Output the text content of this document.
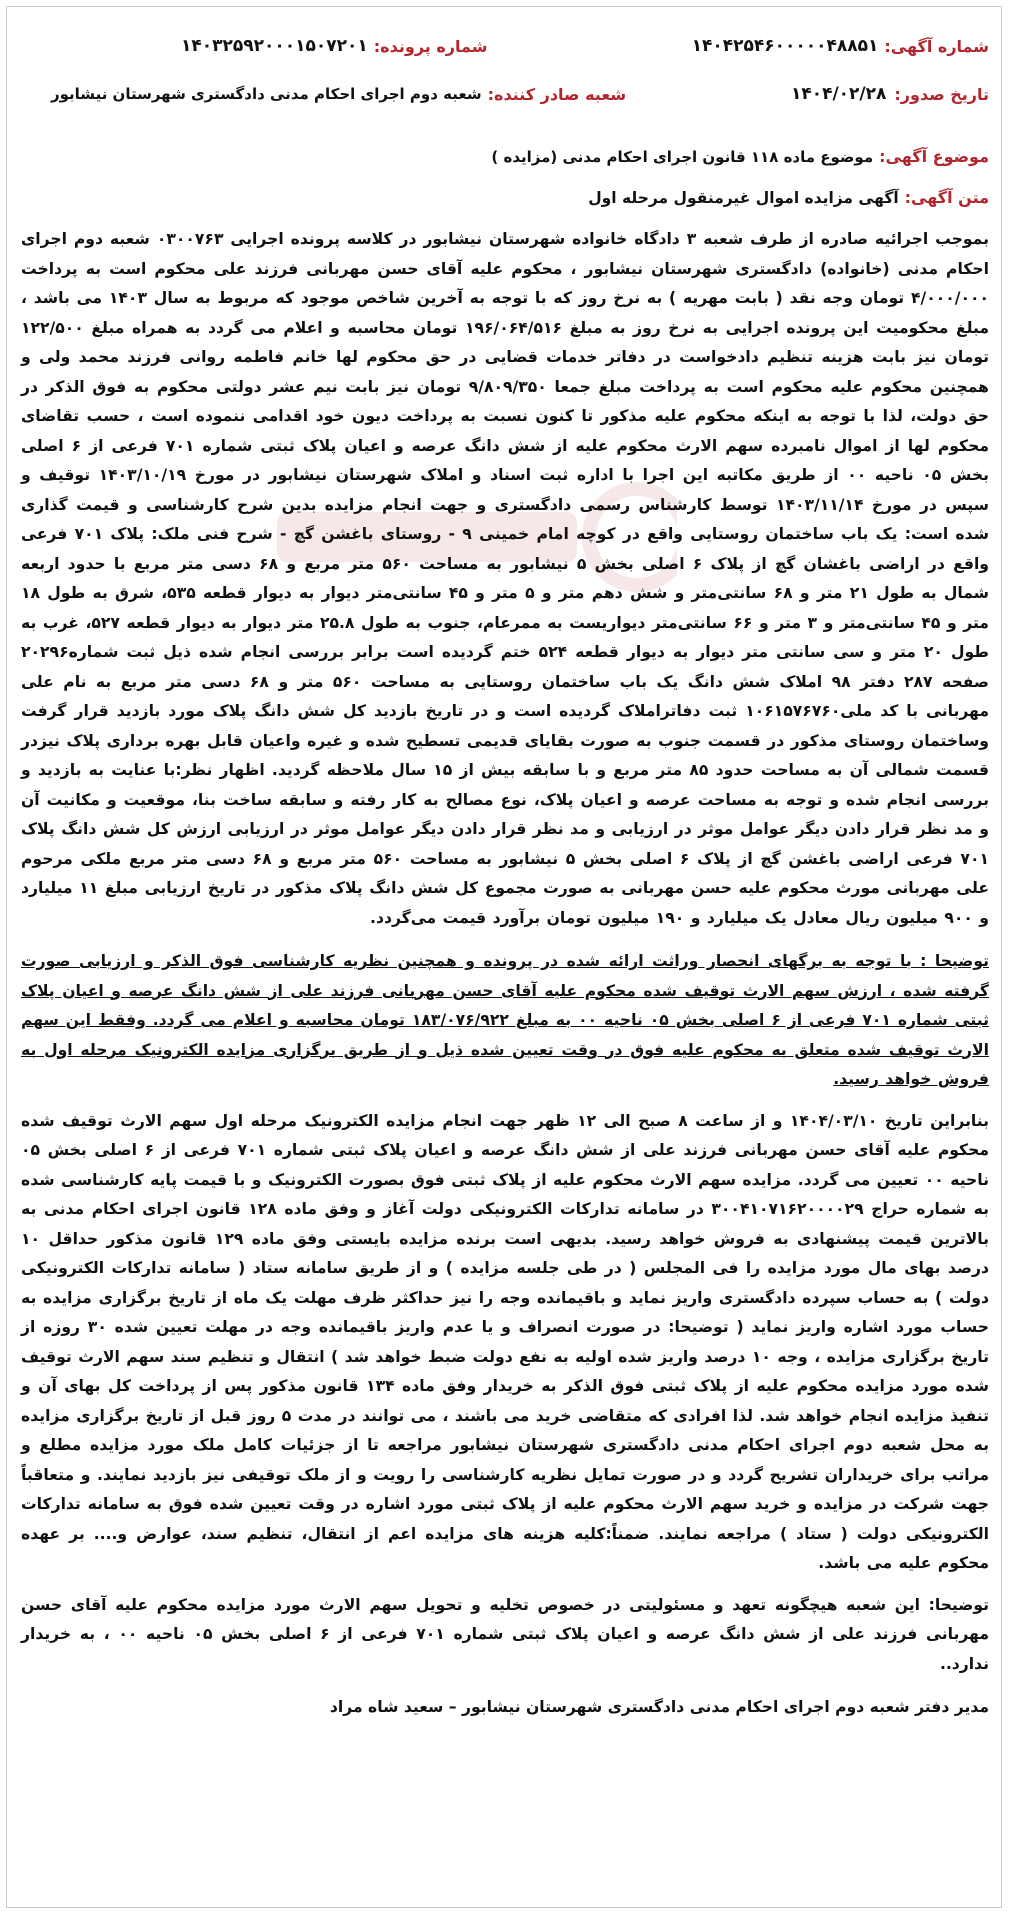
شماره آگهی:
۱۴۰۴۲۵۴۶۰۰۰۰۰۴۸۸۵۱
شماره پرونده:
۱۴۰۳۲۵۹۲۰۰۰۱۵۰۷۲۰۱
تاریخ صدور:
۱۴۰۴/۰۲/۲۸
شعبه صادر کننده:
شعبه دوم اجرای احکام مدنی دادگستری شهرستان نیشابور
موضوع آگهی:
موضوع ماده ۱۱۸ قانون اجرای احکام مدنی (مزایده )
متن آگهی:
آگهی مزایده اموال غیرمنقول مرحله اول

بموجب اجرائیه صادره از طرف شعبه ۳ دادگاه خانواده شهرستان نیشابور در کلاسه پرونده اجرایی ۰۳۰۰۷۶۳ شعبه دوم اجرای احکام مدنی (خانواده) دادگستری شهرستان نیشابور ، محکوم علیه آقای حسن مهربانی فرزند علی محکوم است به پرداخت ۴/۰۰۰/۰۰۰ تومان وجه نقد ( بابت مهریه ) به نرخ روز که با توجه به آخرین شاخص موجود که مربوط به سال ۱۴۰۳ می باشد ، مبلغ محکومیت این پرونده اجرایی به نرخ روز به مبلغ ۱۹۶/۰۶۴/۵۱۶ تومان محاسبه و اعلام می گردد به همراه مبلغ ۱۲۲/۵۰۰ تومان نیز بابت هزینه تنظیم دادخواست در دفاتر خدمات قضایی در حق محکوم لها خانم فاطمه روانی فرزند محمد ولی و همچنین محکوم علیه محکوم است به پرداخت مبلغ جمعا ۹/۸۰۹/۳۵۰ تومان نیز بابت نیم عشر دولتی محکوم به فوق الذکر در حق دولت، لذا با توجه به اینکه محکوم علیه مذکور تا کنون نسبت به پرداخت دیون خود اقدامی ننموده است ، حسب تقاضای محکوم لها از اموال نامبرده سهم الارث محکوم علیه از شش دانگ عرصه و اعیان پلاک ثبتی شماره ۷۰۱ فرعی از ۶ اصلی بخش ۰۵ ناحیه ۰۰ از طریق مکاتبه این اجرا با اداره ثبت اسناد و املاک شهرستان نیشابور در مورخ ۱۴۰۳/۱۰/۱۹ توقیف و سپس در مورخ ۱۴۰۳/۱۱/۱۴ توسط کارشناس رسمی دادگستری و جهت انجام مزایده بدین شرح کارشناسی و قیمت گذاری شده است: یک باب ساختمان روستایی واقع در کوچه امام خمینی ۹ - روستای باغشن گچ - شرح فنی ملک: پلاک ۷۰۱ فرعی واقع در اراضی باغشان گچ از پلاک ۶ اصلی بخش ۵ نیشابور به مساحت ۵۶۰ متر مربع و ۶۸ دسی متر مربع با حدود اربعه شمال به طول ۲۱ متر و ۶۸ سانتی‌متر و شش دهم متر و ۵ متر و ۴۵ سانتی‌متر دیوار به دیوار قطعه ۵۳۵، شرق به طول ۱۸ متر و ۴۵ سانتی‌متر و ۳ متر و ۶۶ سانتی‌متر دیواریست به ممرعام، جنوب به طول ۲۵.۸ متر دیوار به دیوار قطعه ۵۲۷، غرب به طول ۲۰ متر و سی سانتی متر دیوار به دیوار قطعه ۵۲۴ ختم گردیده است برابر بررسی انجام شده ذیل ثبت شماره۲۰۲۹۶ صفحه ۲۸۷ دفتر ۹۸ املاک شش دانگ یک باب ساختمان روستایی به مساحت ۵۶۰ متر و ۶۸ دسی متر مربع به نام علی مهربانی با کد ملی۱۰۶۱۵۷۶۷۶۰ ثبت دفاتراملاک گردیده است و در تاریخ بازدید کل شش دانگ پلاک مورد بازدید قرار گرفت وساختمان روستای مذکور در قسمت جنوب به صورت بقایای قدیمی تسطیح شده و غیره واعیان قابل بهره برداری پلاک نیزدر قسمت شمالی آن به مساحت حدود ۸۵ متر مربع و با سابقه بیش از ۱۵ سال ملاحظه گردید. اظهار نظر:با عنایت به بازدید و بررسی انجام شده و توجه به مساحت عرصه و اعیان پلاک، نوع مصالح به کار رفته و سابقه ساخت بنا، موقعیت و مکانیت آن و مد نظر قرار دادن دیگر عوامل موثر در ارزیابی و مد نظر قرار دادن دیگر عوامل موثر در ارزیابی ارزش کل شش دانگ پلاک ۷۰۱ فرعی اراضی باغشن گچ از پلاک ۶ اصلی بخش ۵ نیشابور به مساحت ۵۶۰ متر مربع و ۶۸ دسی متر مربع ملکی مرحوم علی مهربانی مورث محکوم علیه حسن مهربانی به صورت مجموع کل شش دانگ پلاک مذکور در تاریخ ارزیابی مبلغ ۱۱ میلیارد و ۹۰۰ میلیون ریال معادل یک میلیارد و ۱۹۰ میلیون تومان برآورد قیمت می‌گردد.

توضیحا : با توجه به برگهای انحصار وراثت ارائه شده در پرونده و همچنین نظریه کارشناسی فوق الذکر و ارزیابی صورت گرفته شده ، ارزش سهم الارث توقیف شده محکوم علیه آقای حسن مهربانی فرزند علی از شش دانگ عرصه و اعیان پلاک ثبتی شماره ۷۰۱ فرعی از ۶ اصلی بخش ۰۵ ناحیه ۰۰ به مبلغ ۱۸۳/۰۷۶/۹۲۲ تومان محاسبه و اعلام می گردد. وفقط این سهم الارث توقیف شده متعلق به محکوم علیه فوق در وقت تعیین شده ذیل و از طریق برگزاری مزایده الکترونیک مرحله اول به فروش خواهد رسید.

بنابراین تاریخ ۱۴۰۴/۰۳/۱۰ و از ساعت ۸ صبح الی ۱۲ ظهر جهت انجام مزایده الکترونیک مرحله اول سهم الارث توقیف شده محکوم علیه آقای حسن مهربانی فرزند علی از شش دانگ عرصه و اعیان پلاک ثبتی شماره ۷۰۱ فرعی از ۶ اصلی بخش ۰۵ ناحیه ۰۰ تعیین می گردد. مزایده سهم الارث محکوم علیه از پلاک ثبتی فوق بصورت الکترونیک و با قیمت پایه کارشناسی شده به شماره حراج ۳۰۰۴۱۰۷۱۶۲۰۰۰۰۲۹ در سامانه تدارکات الکترونیکی دولت آغاز و وفق ماده ۱۲۸ قانون اجرای احکام مدنی به بالاترین قیمت پیشنهادی به فروش خواهد رسید. بدیهی است برنده مزایده بایستی وفق ماده ۱۲۹ قانون مذکور حداقل ۱۰ درصد بهای مال مورد مزایده را فی المجلس ( در طی جلسه مزایده ) و از طریق سامانه ستاد ( سامانه تدارکات الکترونیکی دولت ) به حساب سپرده دادگستری واریز نماید و باقیمانده وجه را نیز حداکثر ظرف مهلت یک ماه از تاریخ برگزاری مزایده به حساب مورد اشاره واریز نماید ( توضیحا: در صورت انصراف و یا عدم واریز باقیمانده وجه در مهلت تعیین شده ۳۰ روزه از تاریخ برگزاری مزایده ، وجه ۱۰ درصد واریز شده اولیه به نفع دولت ضبط خواهد شد ) انتقال و تنظیم سند سهم الارث توقیف شده مورد مزایده محکوم علیه از پلاک ثبتی فوق الذکر به خریدار وفق ماده ۱۳۴ قانون مذکور پس از پرداخت کل بهای آن و تنفیذ مزایده انجام خواهد شد. لذا افرادی که متقاضی خرید می باشند ، می توانند در مدت ۵ روز قبل از تاریخ برگزاری مزایده به محل شعبه دوم اجرای احکام مدنی دادگستری شهرستان نیشابور مراجعه تا از جزئیات کامل ملک مورد مزایده مطلع و مراتب برای خریداران تشریح گردد و در صورت تمایل نظریه کارشناسی را رویت و از ملک توقیفی نیز بازدید نمایند. و متعاقباً جهت شرکت در مزایده و خرید سهم الارث محکوم علیه از پلاک ثبتی مورد اشاره در وقت تعیین شده فوق به سامانه تدارکات الکترونیکی دولت ( ستاد ) مراجعه نمایند. ضمناً:کلیه هزینه های مزایده اعم از انتقال، تنظیم سند، عوارض و.... بر عهده محکوم علیه می باشد.

توضیحا: این شعبه هیچگونه تعهد و مسئولیتی در خصوص تخلیه و تحویل سهم الارث مورد مزایده محکوم علیه آقای حسن مهربانی فرزند علی از شش دانگ عرصه و اعیان پلاک ثبتی شماره ۷۰۱ فرعی از ۶ اصلی بخش ۰۵ ناحیه ۰۰ ، به خریدار ندارد..

مدیر دفتر شعبه دوم اجرای احکام مدنی دادگستری شهرستان نیشابور – سعید شاه مراد
